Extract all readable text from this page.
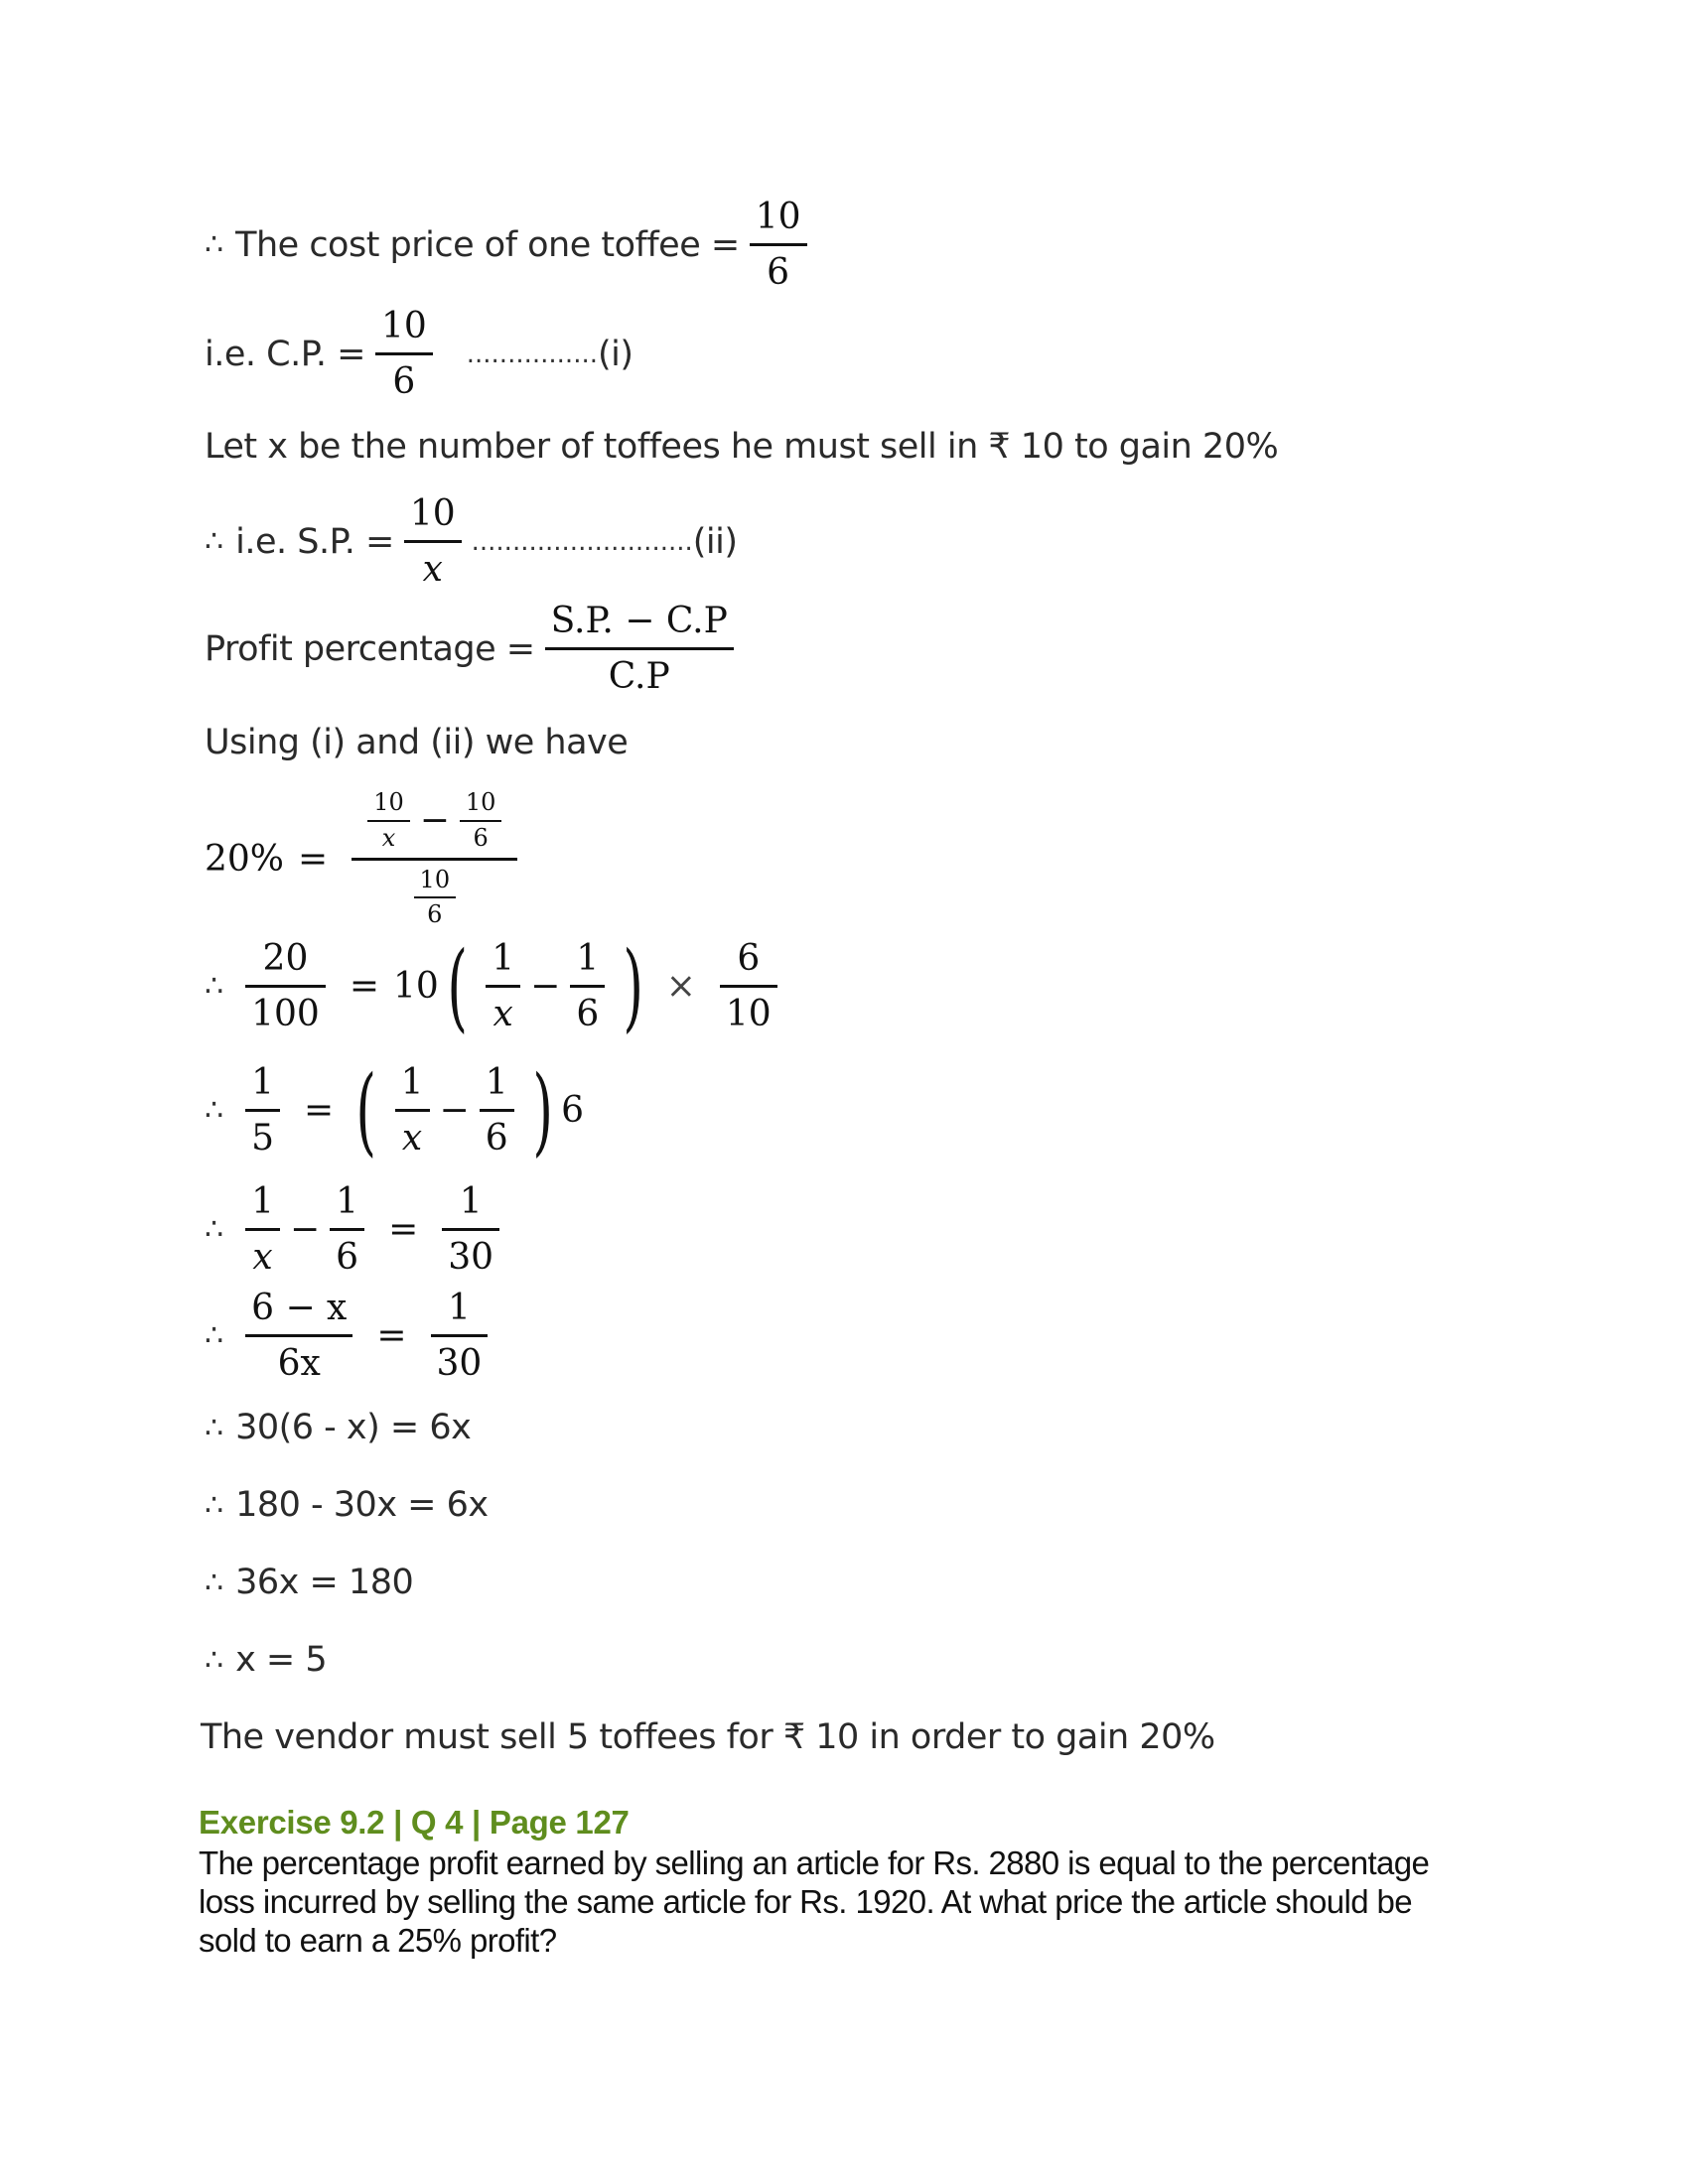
∴ The cost price of one toffee = $\frac{10}{6}$
i.e. C.P. = $\frac{10}{6}$ ................ (i)
Let x be the number of toffees he must sell in ₹ 10 to gain 20%
∴ i.e. S.P. = $\frac{10}{x}$ ........................... (ii)
Profit percentage = $\frac{S.P. - C.P}{C.P}$
Using (i) and (ii) we have
20% =
$\frac{10}{x} - \frac{10}{6}$
$\frac{10}{6}$
∴ $\frac{20}{100} = 10$ ( $\frac{1}{x} - \frac{1}{6}$ ) × $\frac{6}{10}$
∴ $\frac{1}{5}$ = ( $\frac{1}{x} - \frac{1}{6}$ ) 6
∴ $\frac{1}{x} - \frac{1}{6} = \frac{1}{30}$
∴ $\frac{6 - x}{6x} = \frac{1}{30}$
∴ 30(6 - x) = 6x
∴ 180 - 30x = 6x
∴ 36x = 180
∴ x = 5
The vendor must sell 5 toffees for ₹ 10 in order to gain 20%
Exercise 9.2 | Q 4 | Page 127
The percentage profit earned by selling an article for Rs. 2880 is equal to the percentage loss incurred by selling the same article for Rs. 1920. At what price the article should be sold to earn a 25% profit?
